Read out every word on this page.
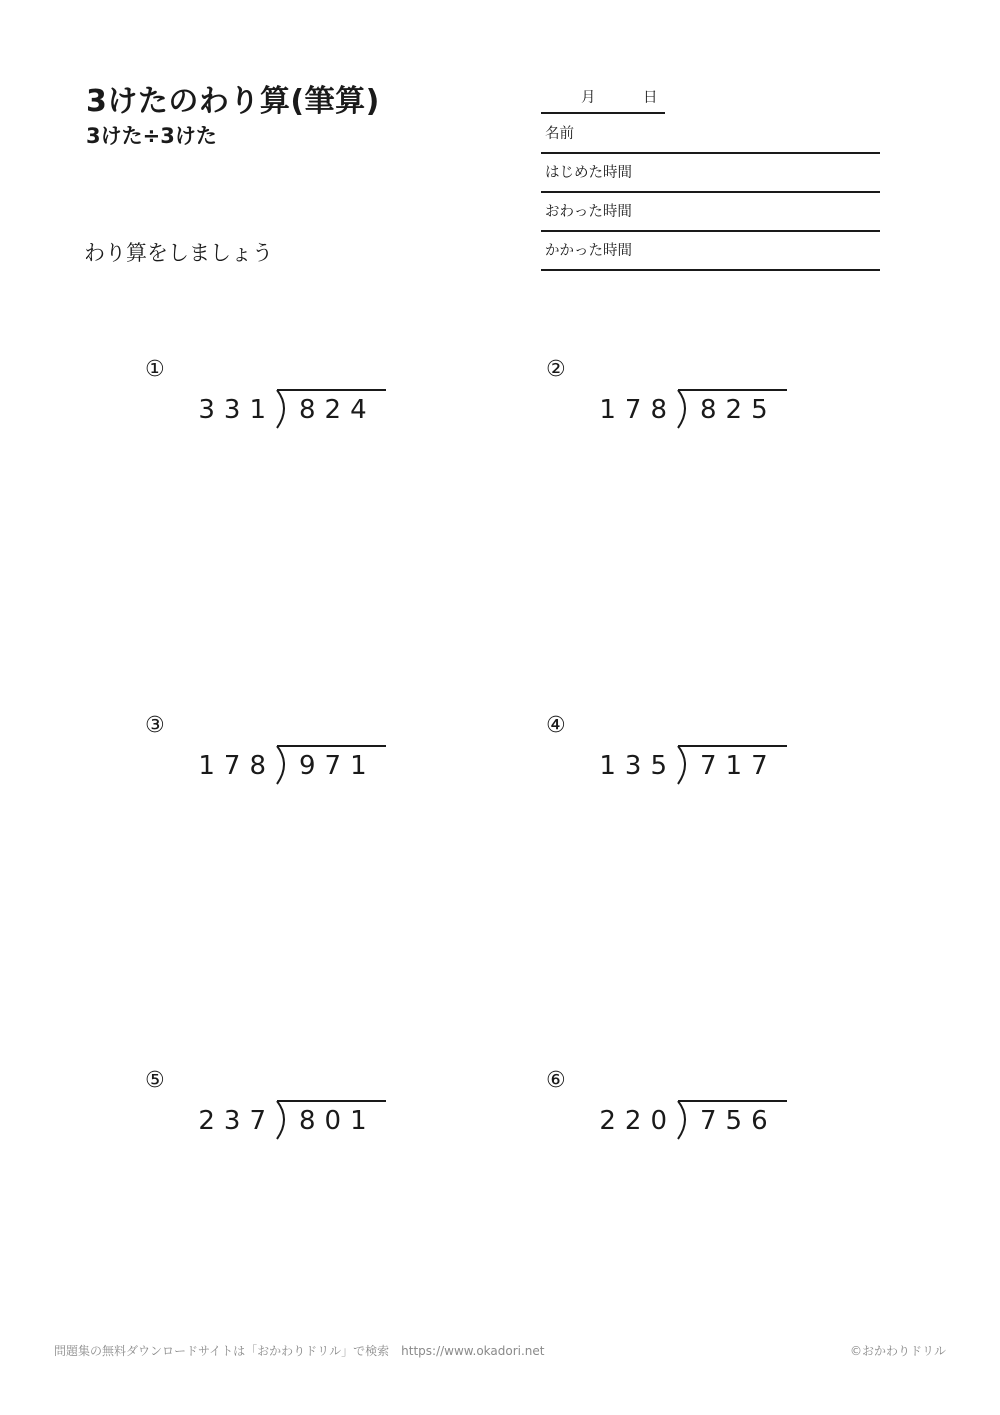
3けたのわり算(筆算)
3けた÷3けた
わり算をしましょう
月	日
名前
はじめた時間
おわった時間
かかった時間
①
331 824
②
178 825
③
178 971
④
135 717
⑤
237 801
⑥
220 756
問題集の無料ダウンロードサイトは「おかわりドリル」で検索　https://www.okadori.net	©おかわりドリル
